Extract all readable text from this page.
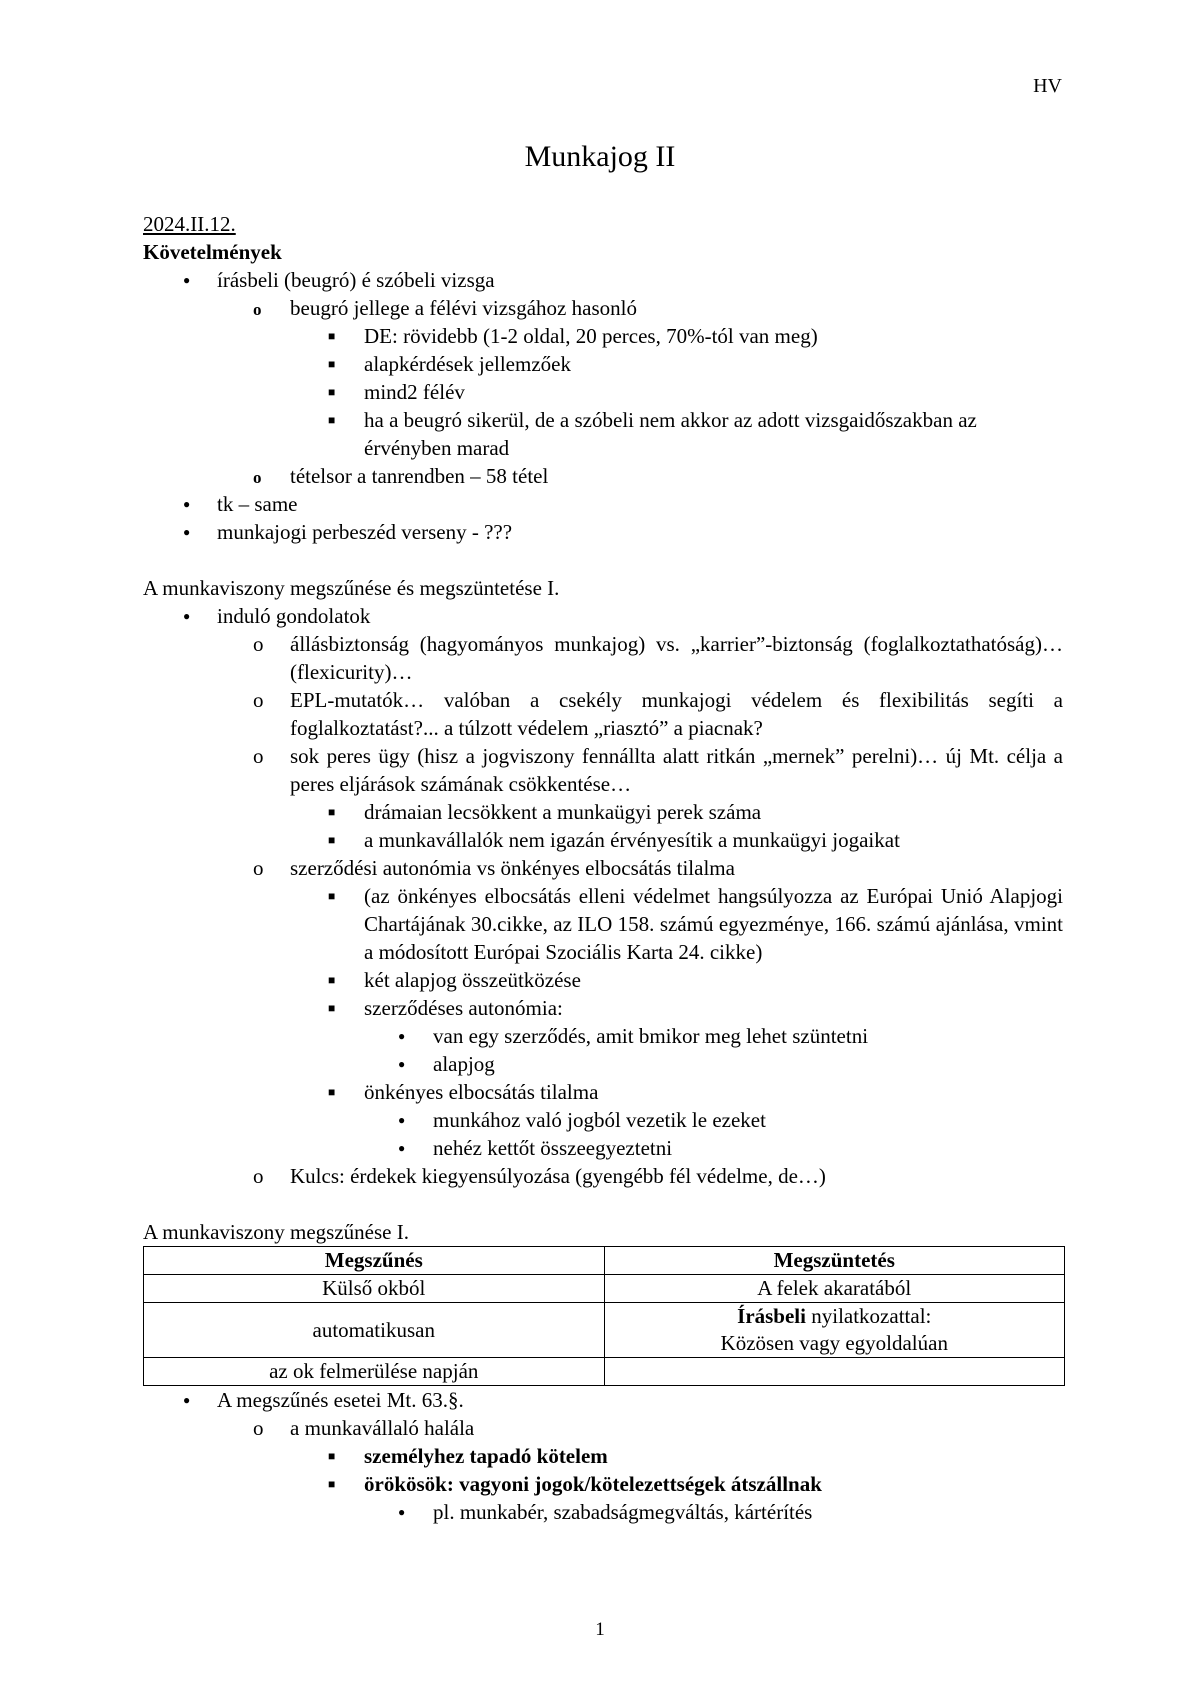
HV
Munkajog II

2024.II.12.

Követelmények

●
írásbeli (beugró) é szóbeli vizsga
o
beugró jellege a félévi vizsgához hasonló
■
DE: rövidebb (1-2 oldal, 20 perces, 70%-tól van meg)
■
alapkérdések jellemzőek
■
mind2 félév
■
ha a beugró sikerül, de a szóbeli nem akkor az adott vizsgaidőszakban az érvényben marad
o
tételsor a tanrendben – 58 tétel
●
tk – same
●
munkajogi perbeszéd verseny - ???

A munkaviszony megszűnése és megszüntetése I.

●
induló gondolatok
o
állásbiztonság (hagyományos munkajog) vs. „karrier”-biztonság (foglalkoztathatóság)… (flexicurity)…
o
EPL-mutatók… valóban a csekély munkajogi védelem és flexibilitás segíti a foglalkoztatást?... a túlzott védelem „riasztó” a piacnak?
o
sok peres ügy (hisz a jogviszony fennállta alatt ritkán „mernek” perelni)… új Mt. célja a peres eljárások számának csökkentése…
■
drámaian lecsökkent a munkaügyi perek száma
■
a munkavállalók nem igazán érvényesítik a munkaügyi jogaikat
o
szerződési autonómia vs önkényes elbocsátás tilalma
■
(az önkényes elbocsátás elleni védelmet hangsúlyozza az Európai Unió Alapjogi Chartájának 30.cikke, az ILO 158. számú egyezménye, 166. számú ajánlása, vmint a módosított Európai Szociális Karta 24. cikke)
■
két alapjog összeütközése
■
szerződéses autonómia:
●
van egy szerződés, amit bmikor meg lehet szüntetni
●
alapjog
■
önkényes elbocsátás tilalma
●
munkához való jogból vezetik le ezeket
●
nehéz kettőt összeegyeztetni
o
Kulcs: érdekek kiegyensúlyozása (gyengébb fél védelme, de…)

A munkaviszony megszűnése I.

Megszűnés	Megszüntetés
Külső okból	A felek akaratából
automatikusan	Írásbeli nyilatkozattal:
Közösen vagy egyoldalúan
az ok felmerülése napján	
●
A megszűnés esetei Mt. 63.§.
o
a munkavállaló halála
■
személyhez tapadó kötelem
■
örökösök: vagyoni jogok/kötelezettségek átszállnak
●
pl. munkabér, szabadságmegváltás, kártérítés
1
